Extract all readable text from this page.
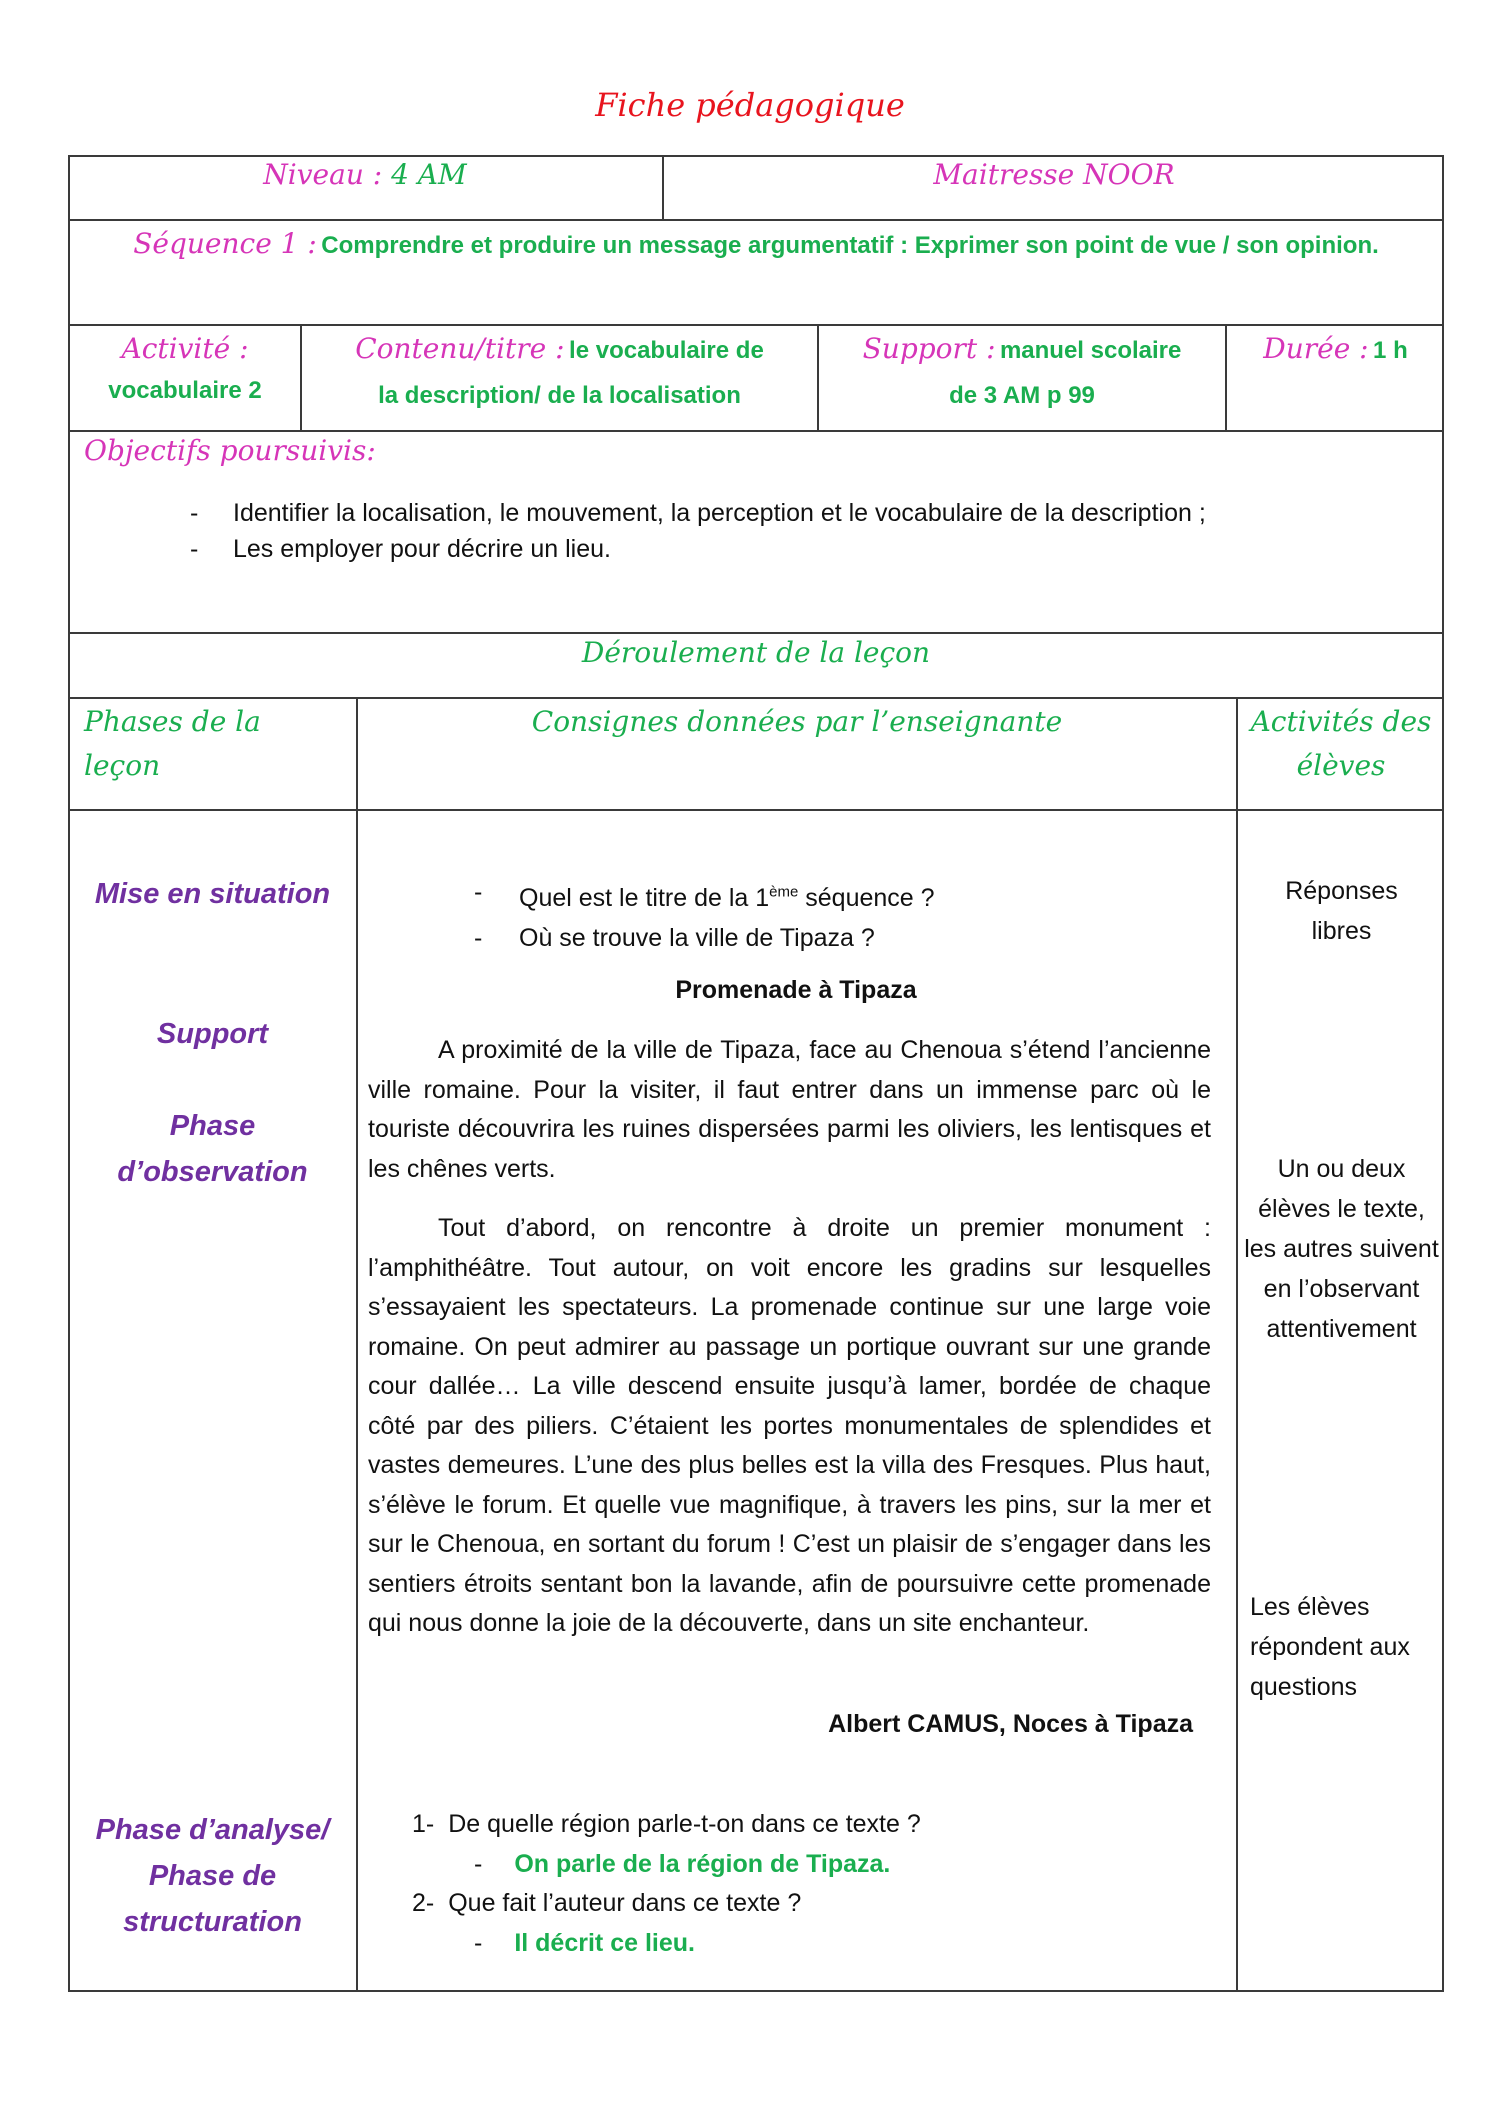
Fiche pédagogique
Niveau : 4 AM	Maitresse NOOR
Séquence 1 : Comprendre et produire un message argumentatif : Exprimer son point de vue / son opinion.
Activité :
vocabulaire 2
Contenu/titre : le vocabulaire de
la description/ de la localisation
Support : manuel scolaire
de 3 AM p 99
Durée : 1 h
Objectifs poursuivis:
- Identifier la localisation, le mouvement, la perception et le vocabulaire de la description ;
- Les employer pour décrire un lieu.
Déroulement de la leçon
Phases de la leçon
Consignes données par l’enseignante	Activités des élèves
Mise en situation
Support
Phase
d’observation
Phase d’analyse/
Phase de
structuration
- Quel est le titre de la 1ème séquence ?
- Où se trouve la ville de Tipaza ?
Promenade à Tipaza

A proximité de la ville de Tipaza, face au Chenoua s’étend l’ancienne ville romaine. Pour la visiter, il faut entrer dans un immense parc où le touriste découvrira les ruines dispersées parmi les oliviers, les lentisques et les chênes verts.

Tout d’abord, on rencontre à droite un premier monument : l’amphithéâtre. Tout autour, on voit encore les gradins sur lesquelles s’essayaient les spectateurs. La promenade continue sur une large voie romaine. On peut admirer au passage un portique ouvrant sur une grande cour dallée… La ville descend ensuite jusqu’à lamer, bordée de chaque côté par des piliers. C’étaient les portes monumentales de splendides et vastes demeures. L’une des plus belles est la villa des Fresques. Plus haut, s’élève le forum. Et quelle vue magnifique, à travers les pins, sur la mer et sur le Chenoua, en sortant du forum ! C’est un plaisir de s’engager dans les sentiers étroits sentant bon la lavande, afin de poursuivre cette promenade qui nous donne la joie de la découverte, dans un site enchanteur.

Albert CAMUS, Noces à Tipaza
1- De quelle région parle-t-on dans ce texte ?
- On parle de la région de Tipaza.
2- Que fait l’auteur dans ce texte ?
- Il décrit ce lieu.
Réponses libres
Un ou deux élèves le texte, les autres suivent en l’observant attentivement
Les élèves répondent aux questions
